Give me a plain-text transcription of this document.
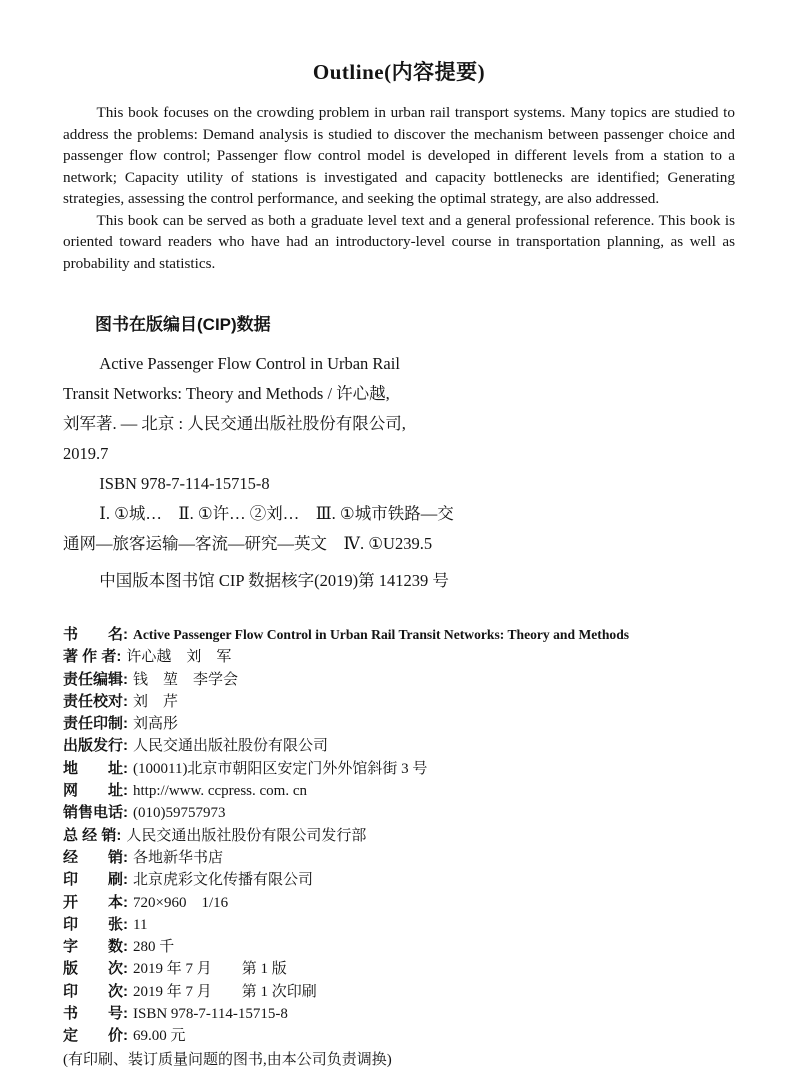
Outline(内容提要)

This book focuses on the crowding problem in urban rail transport systems. Many topics are studied to address the problems: Demand analysis is studied to discover the mechanism between passenger choice and passenger flow control; Passenger flow control model is developed in different levels from a station to a network; Capacity utility of stations is investigated and capacity bottlenecks are identified; Generating strategies, assessing the control performance, and seeking the optimal strategy, are also addressed.

This book can be served as both a graduate level text and a general professional reference. This book is oriented toward readers who have had an introductory-level course in transportation planning, as well as probability and statistics.

图书在版编目(CIP)数据

Active Passenger Flow Control in Urban Rail

Transit Networks: Theory and Methods / 许心越,

刘军著. — 北京 : 人民交通出版社股份有限公司,

2019.7

ISBN 978-7-114-15715-8

Ⅰ. ①城…　Ⅱ. ①许… ②刘…　Ⅲ. ①城市铁路—交

通网—旅客运输—客流—研究—英文　Ⅳ. ①U239.5

中国版本图书馆 CIP 数据核字(2019)第 141239 号

书　　名: Active Passenger Flow Control in Urban Rail Transit Networks: Theory and Methods
著 作 者: 许心越　刘　军
责任编辑: 钱　堃　李学会
责任校对: 刘　芹
责任印制: 刘高彤
出版发行: 人民交通出版社股份有限公司
地　　址: (100011)北京市朝阳区安定门外外馆斜街 3 号
网　　址: http://www. ccpress. com. cn
销售电话: (010)59757973
总 经 销: 人民交通出版社股份有限公司发行部
经　　销: 各地新华书店
印　　刷: 北京虎彩文化传播有限公司
开　　本: 720×960　1/16
印　　张: 11
字　　数: 280 千
版　　次: 2019 年 7 月　　第 1 版
印　　次: 2019 年 7 月　　第 1 次印刷
书　　号: ISBN 978-7-114-15715-8
定　　价: 69.00 元

(有印刷、装订质量问题的图书,由本公司负责调换)
